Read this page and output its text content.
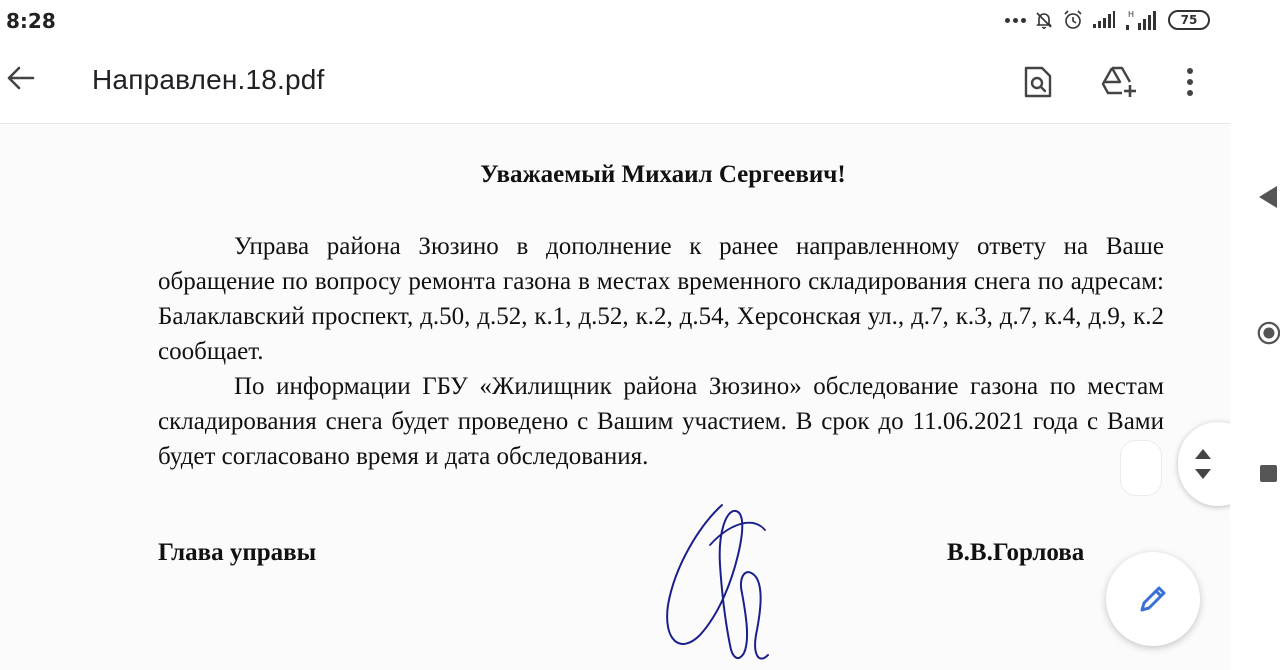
8:28	H	75
Направлен.18.pdf
Уважаемый Михаил Сергеевич!

Управа района Зюзино в дополнение к ранее направленному ответу на Ваше обращение по вопросу ремонта газона в местах временного складирования снега по адресам: Балаклавский проспект, д.50, д.52, к.1, д.52, к.2, д.54, Херсонская ул., д.7, к.3, д.7, к.4, д.9, к.2 сообщает.

По информации ГБУ «Жилищник района Зюзино» обследование газона по местам складирования снега будет проведено с Вашим участием. В срок до 11.06.2021 года с Вами будет согласовано время и дата обследования.

Глава управы	В.В.Горлова
